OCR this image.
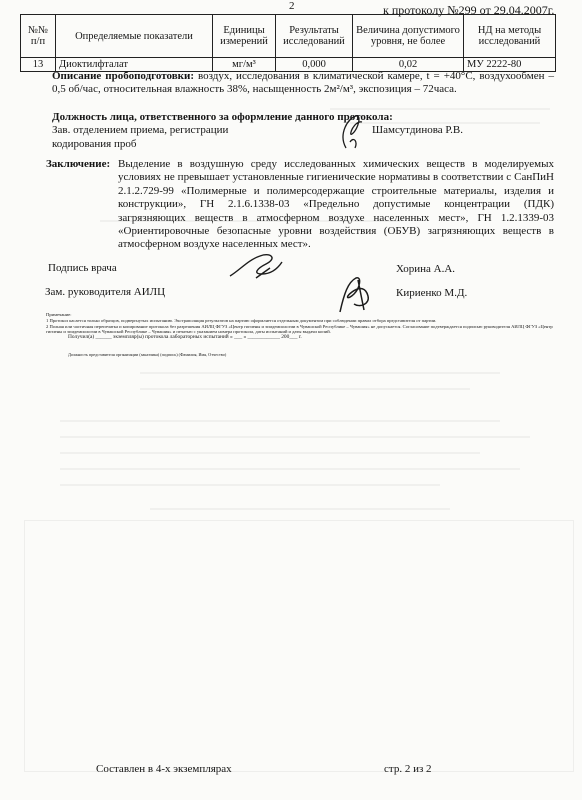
2	к протоколу №299 от 29.04.2007г.
№№ п/п	Определяемые показатели	Единицы измерений	Результаты исследований	Величина допустимого уровня, не более	НД на методы исследований
13	Диоктилфталат	мг/м³	0,000	0,02	МУ 2222-80
Описание пробоподготовки: воздух, исследования в климатической камере, t = +40°С, воздухообмен – 0,5 об/час, относительная влажность 38%, насыщенность 2м²/м³, экспозиция – 72часа.
Должность лица, ответственного за оформление данного протокола:
Зав. отделением приема, регистрации
кодирования проб
Шамсутдинова Р.В.
Заключение: Выделение в воздушную среду исследованных химических веществ в моделируемых условиях не превышает установленные гигиенические нормативы в соответствии с СанПиН 2.1.2.729-99 «Полимерные и полимерсодержащие строительные материалы, изделия и конструкции», ГН 2.1.6.1338-03 «Предельно допустимые концентрации (ПДК) загрязняющих веществ в атмосферном воздухе населенных мест», ГН 1.2.1339-03 «Ориентировочные безопасные уровни воздействия (ОБУВ) загрязняющих веществ в атмосферном воздухе населенных мест».
Подпись врача	Хорина А.А.
Зам. руководителя АИЛЦ	Кириенко М.Д.
Примечание:
1 Протокол касается только образцов, подвергнутых испытанию. Экстраполяция результатов на партию оформляется отдельным документом при соблюдении правил отбора представителя от партии.
2 Полная или частичная перепечатка и копирование протокола без разрешения АИЛЦ ФГУЗ «Центр гигиены и эпидемиологии в Чувашской Республике – Чувашия» не допускается. Согласование подтверждается подписью руководителя АИЛЦ ФГУЗ «Центр гигиены и эпидемиологии в Чувашской Республике – Чувашия» и печатью с указанием номера протокола, даты испытаний и даты выдачи копий.
Получил(а) ______ экземпляр(ы) протокола лабораторных испытаний « ___ » ____________ 200___ г.
Должность представителя организации (заказчика) (подпись) (Фамилия, Имя, Отчество)
Составлен в 4-х экземплярах	стр. 2 из 2
